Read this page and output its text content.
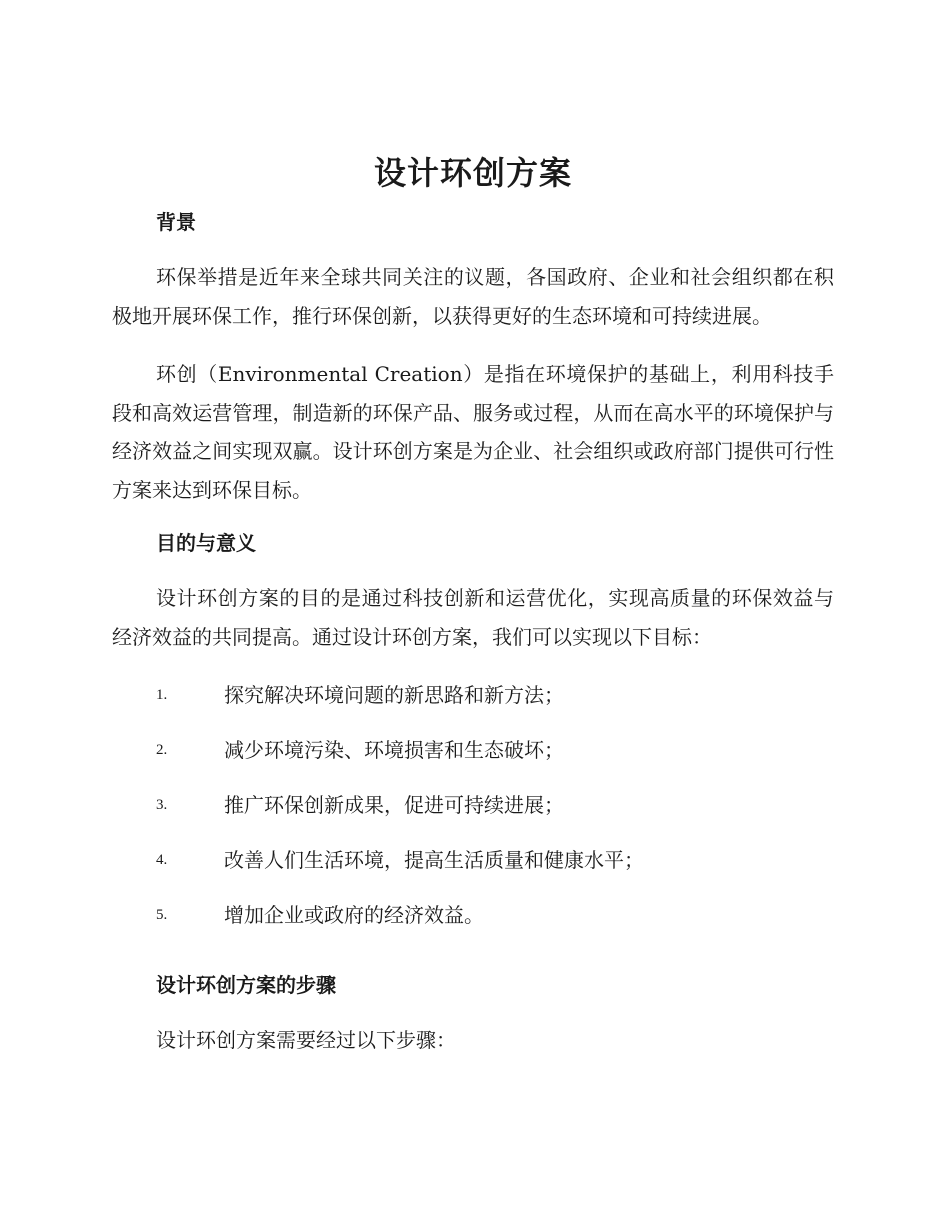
设计环创方案
背景

环保举措是近年来全球共同关注的议题，各国政府、企业和社会组织都在积极地开展环保工作，推行环保创新，以获得更好的生态环境和可持续进展。

环创（Environmental Creation）是指在环境保护的基础上，利用科技手段和高效运营管理，制造新的环保产品、服务或过程，从而在高水平的环境保护与经济效益之间实现双赢。设计环创方案是为企业、社会组织或政府部门提供可行性方案来达到环保目标。

目的与意义

设计环创方案的目的是通过科技创新和运营优化，实现高质量的环保效益与经济效益的共同提高。通过设计环创方案，我们可以实现以下目标：

1.	探究解决环境问题的新思路和新方法；
2.	减少环境污染、环境损害和生态破坏；
3.	推广环保创新成果，促进可持续进展；
4.	改善人们生活环境，提高生活质量和健康水平；
5.	增加企业或政府的经济效益。
设计环创方案的步骤

设计环创方案需要经过以下步骤：
